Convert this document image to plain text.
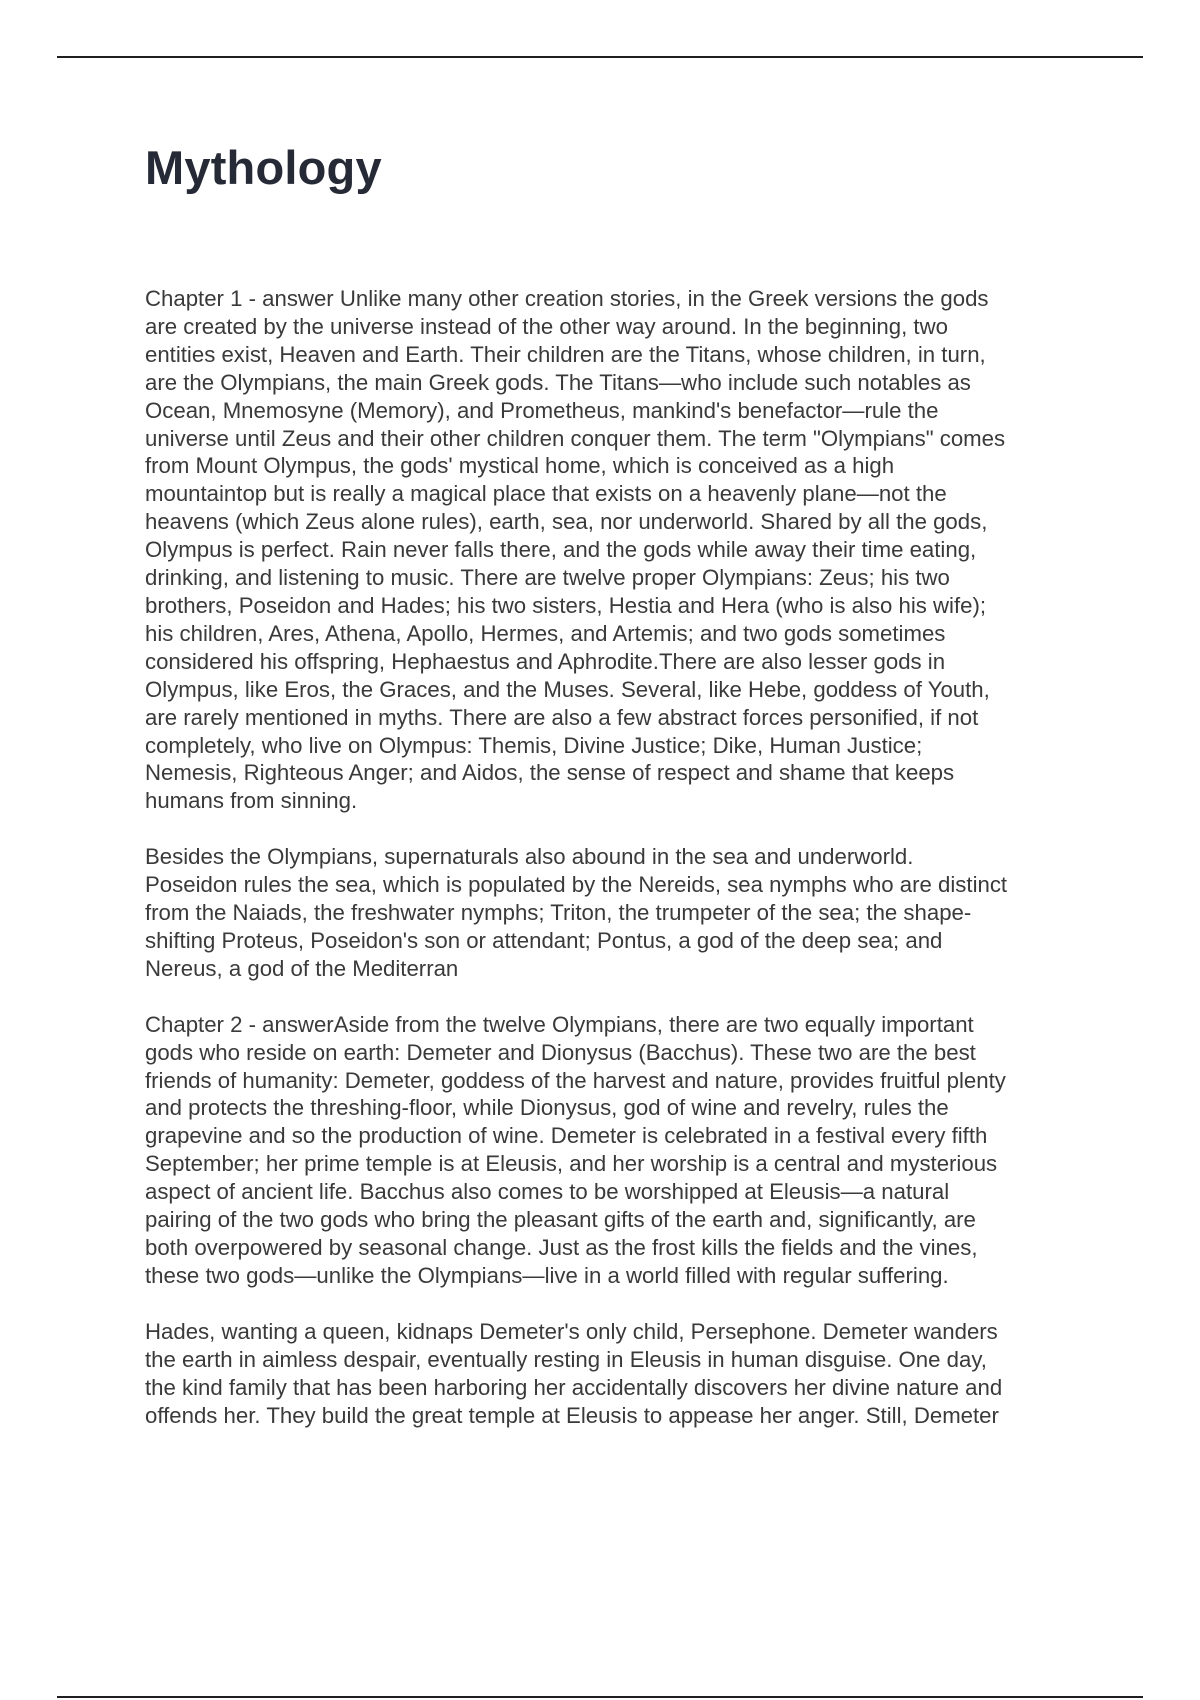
Mythology

Chapter 1 - answer Unlike many other creation stories, in the Greek versions the gods
are created by the universe instead of the other way around. In the beginning, two
entities exist, Heaven and Earth. Their children are the Titans, whose children, in turn,
are the Olympians, the main Greek gods. The Titans—who include such notables as
Ocean, Mnemosyne (Memory), and Prometheus, mankind's benefactor—rule the
universe until Zeus and their other children conquer them. The term "Olympians" comes
from Mount Olympus, the gods' mystical home, which is conceived as a high
mountaintop but is really a magical place that exists on a heavenly plane—not the
heavens (which Zeus alone rules), earth, sea, nor underworld. Shared by all the gods,
Olympus is perfect. Rain never falls there, and the gods while away their time eating,
drinking, and listening to music. There are twelve proper Olympians: Zeus; his two
brothers, Poseidon and Hades; his two sisters, Hestia and Hera (who is also his wife);
his children, Ares, Athena, Apollo, Hermes, and Artemis; and two gods sometimes
considered his offspring, Hephaestus and Aphrodite.There are also lesser gods in
Olympus, like Eros, the Graces, and the Muses. Several, like Hebe, goddess of Youth,
are rarely mentioned in myths. There are also a few abstract forces personified, if not
completely, who live on Olympus: Themis, Divine Justice; Dike, Human Justice;
Nemesis, Righteous Anger; and Aidos, the sense of respect and shame that keeps
humans from sinning.

Besides the Olympians, supernaturals also abound in the sea and underworld.
Poseidon rules the sea, which is populated by the Nereids, sea nymphs who are distinct
from the Naiads, the freshwater nymphs; Triton, the trumpeter of the sea; the shape-
shifting Proteus, Poseidon's son or attendant; Pontus, a god of the deep sea; and
Nereus, a god of the Mediterran

Chapter 2 - answerAside from the twelve Olympians, there are two equally important
gods who reside on earth: Demeter and Dionysus (Bacchus). These two are the best
friends of humanity: Demeter, goddess of the harvest and nature, provides fruitful plenty
and protects the threshing-floor, while Dionysus, god of wine and revelry, rules the
grapevine and so the production of wine. Demeter is celebrated in a festival every fifth
September; her prime temple is at Eleusis, and her worship is a central and mysterious
aspect of ancient life. Bacchus also comes to be worshipped at Eleusis—a natural
pairing of the two gods who bring the pleasant gifts of the earth and, significantly, are
both overpowered by seasonal change. Just as the frost kills the fields and the vines,
these two gods—unlike the Olympians—live in a world filled with regular suffering.

Hades, wanting a queen, kidnaps Demeter's only child, Persephone. Demeter wanders
the earth in aimless despair, eventually resting in Eleusis in human disguise. One day,
the kind family that has been harboring her accidentally discovers her divine nature and
offends her. They build the great temple at Eleusis to appease her anger. Still, Demeter
